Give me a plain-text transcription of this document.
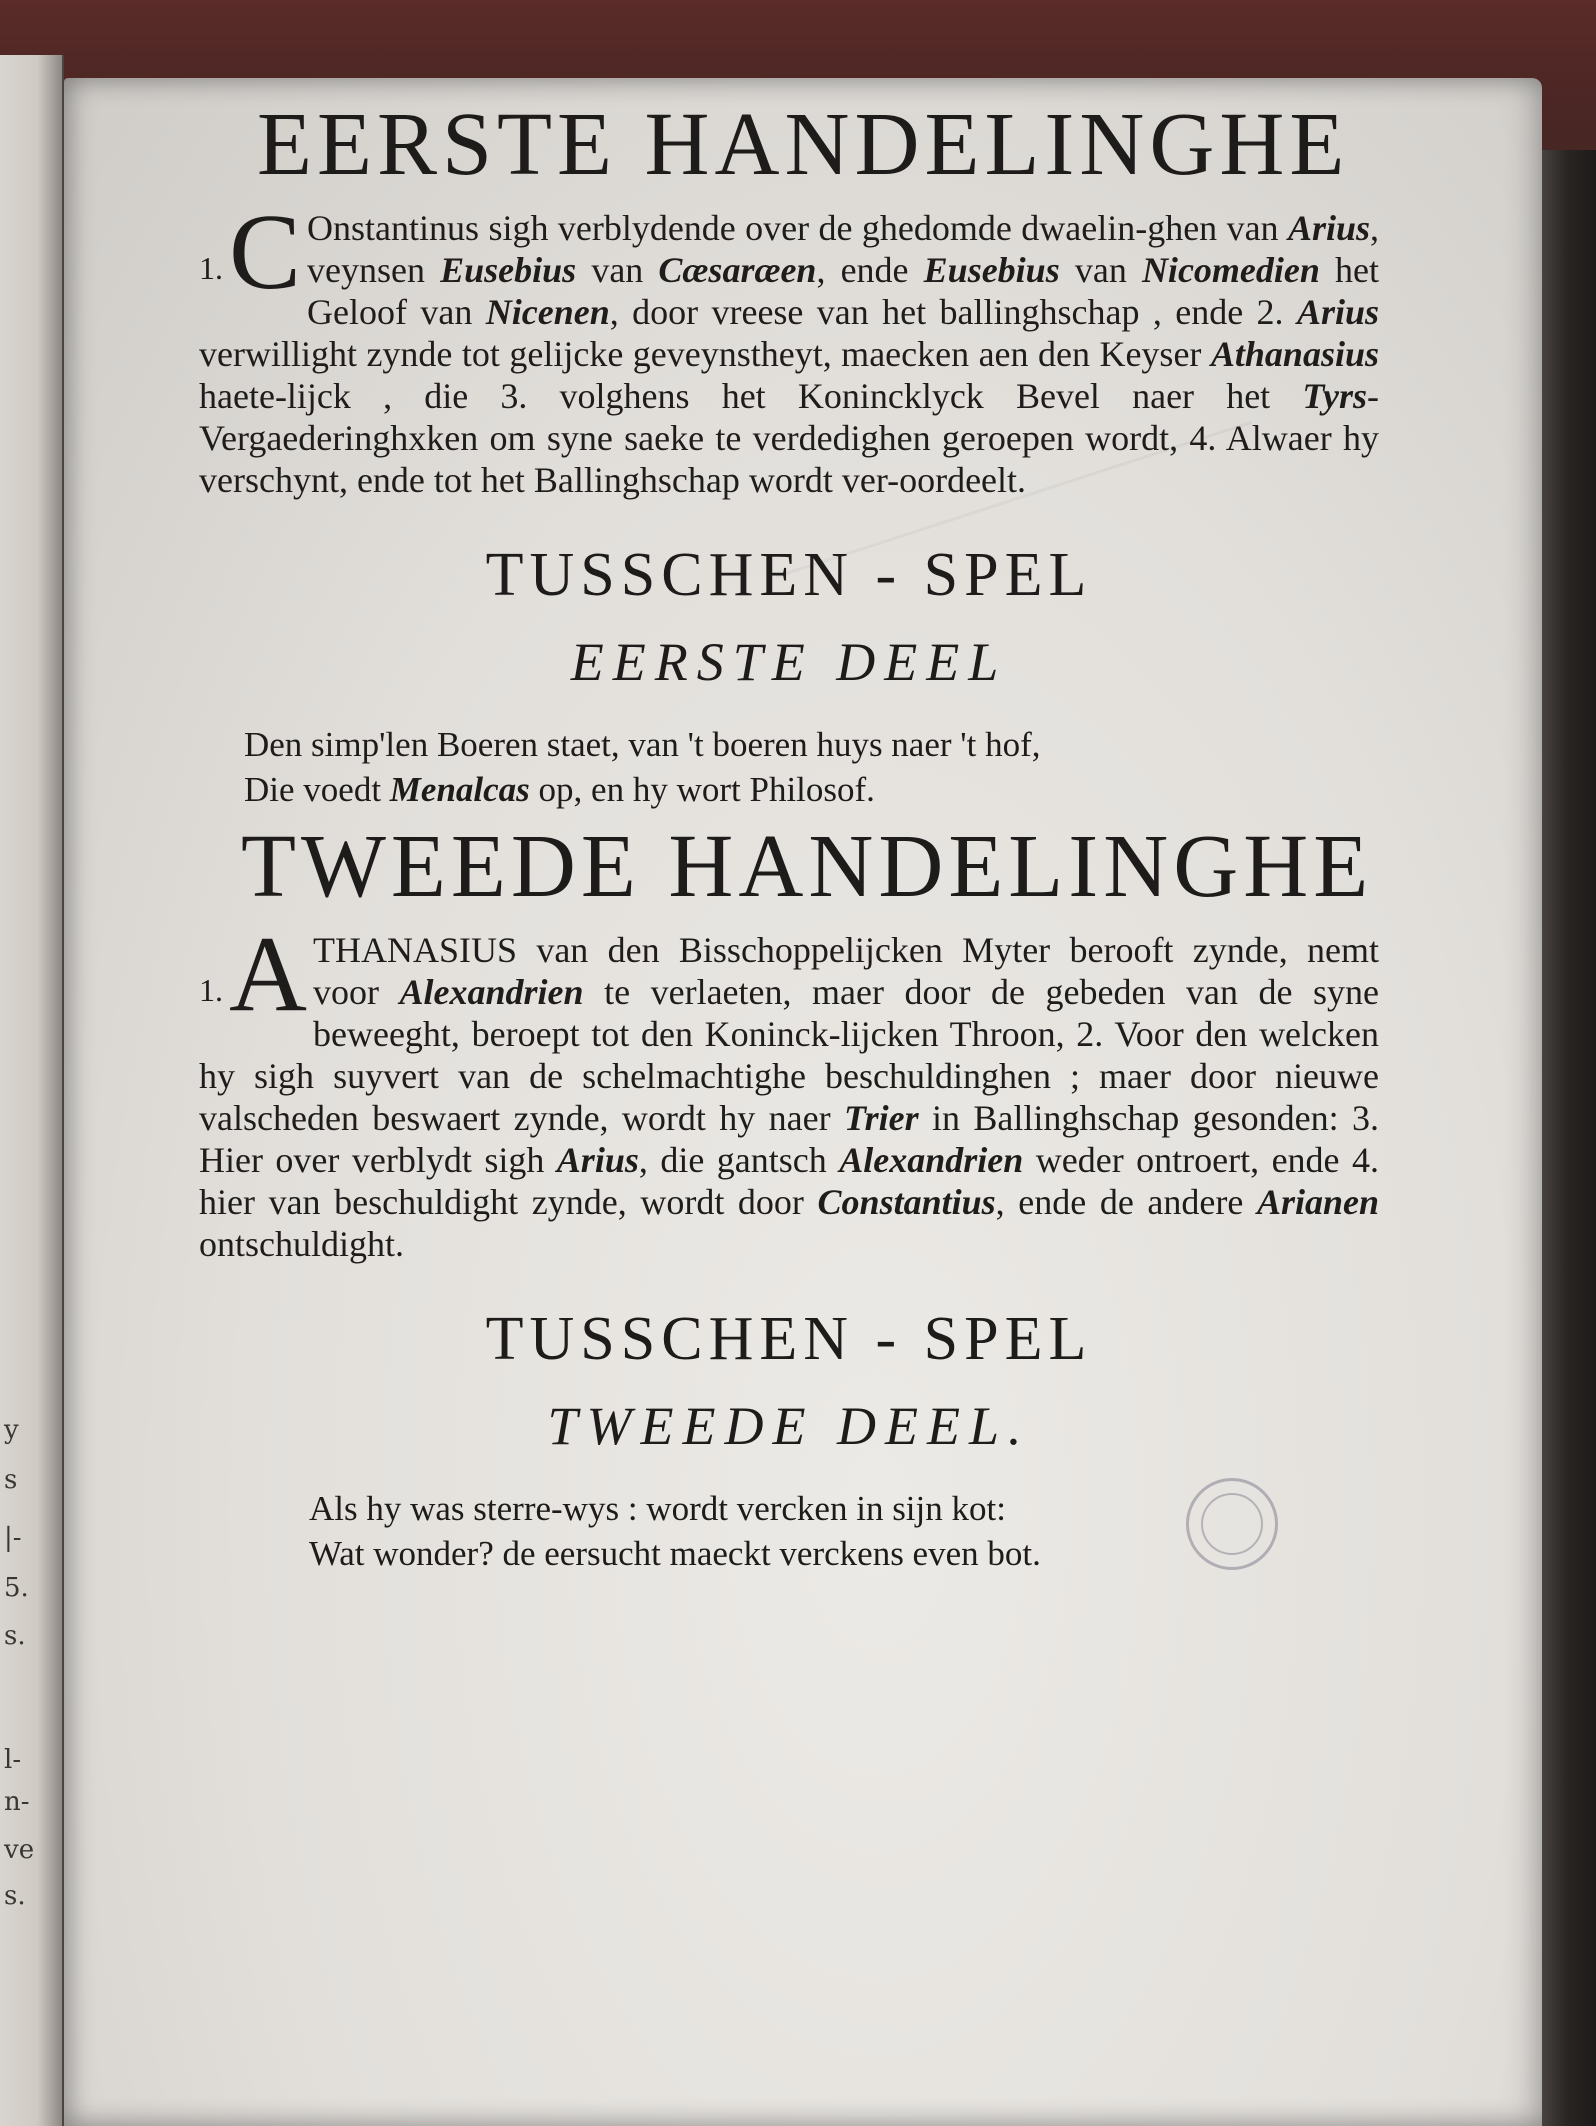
y
s
|-
5.
s.
l-
n-
ve
s.
EERSTE HANDELINGHE
1. C Onstantinus sigh verblydende over de ghedomde dwaelin-ghen van Arius, veynsen Eusebius van Cæsaræen, ende Eusebius van Nicomedien het Geloof van Nicenen, door vreese van het ballinghschap , ende 2. Arius verwillight zynde tot gelijcke geveynstheyt, maecken aen den Keyser Athanasius haete-lijck , die 3. volghens het Konincklyck Bevel naer het Tyrs-Vergaederinghxken om syne saeke te verdedighen geroepen wordt, 4. Alwaer hy verschynt, ende tot het Ballinghschap wordt ver-oordeelt.
TUSSCHEN - SPEL
EERSTE DEEL
Den simp'len Boeren staet, van 't boeren huys naer 't hof,
Die voedt Menalcas op, en hy wort Philosof.
TWEEDE HANDELINGHE
1. A THANASIUS van den Bisschoppelijcken Myter berooft zynde, nemt voor Alexandrien te verlaeten, maer door de gebeden van de syne beweeght, beroept tot den Koninck-lijcken Throon, 2. Voor den welcken hy sigh suyvert van de schelmachtighe beschuldinghen ; maer door nieuwe valscheden beswaert zynde, wordt hy naer Trier in Ballinghschap gesonden: 3. Hier over verblydt sigh Arius, die gantsch Alexandrien weder ontroert, ende 4. hier van beschuldight zynde, wordt door Constantius, ende de andere Arianen ontschuldight.
TUSSCHEN - SPEL
TWEEDE DEEL.
Als hy was sterre-wys : wordt vercken in sijn kot:
Wat wonder? de eersucht maeckt verckens even bot.
